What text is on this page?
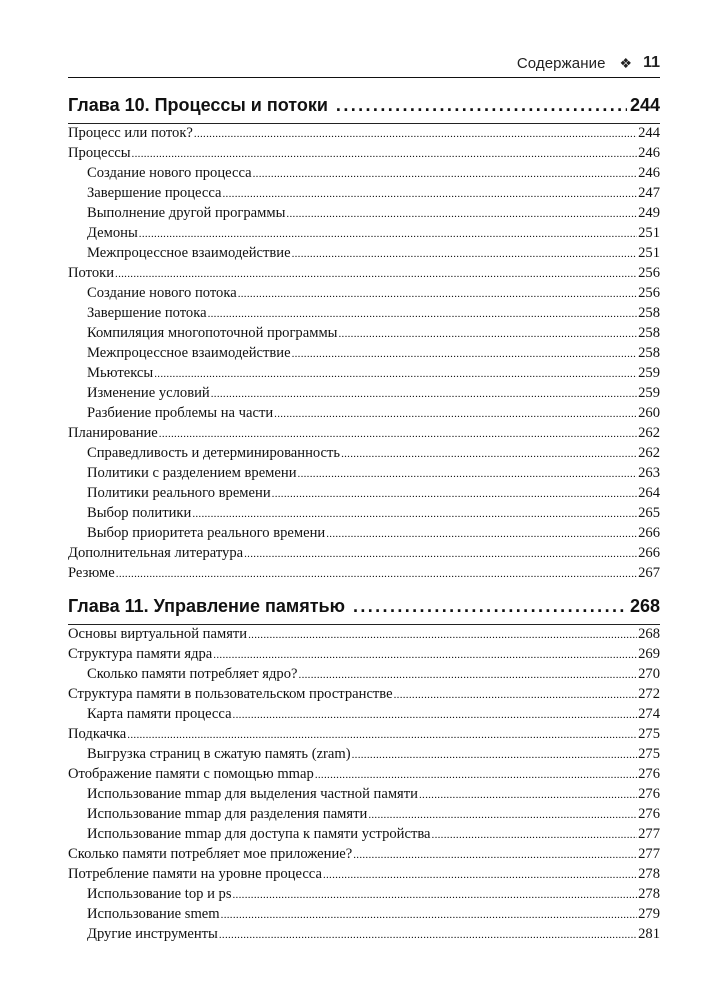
Содержание ❖ 11
Глава 10. Процессы и потоки .....	244
Процесс или поток? .....	244
Процессы .....	246
Создание нового процесса .....	246
Завершение процесса .....	247
Выполнение другой программы .....	249
Демоны .....	251
Межпроцессное взаимодействие .....	251
Потоки .....	256
Создание нового потока .....	256
Завершение потока .....	258
Компиляция многопоточной программы .....	258
Межпроцессное взаимодействие .....	258
Мьютексы .....	259
Изменение условий .....	259
Разбиение проблемы на части .....	260
Планирование .....	262
Справедливость и детерминированность .....	262
Политики с разделением времени .....	263
Политики реального времени .....	264
Выбор политики .....	265
Выбор приоритета реального времени .....	266
Дополнительная литература .....	266
Резюме .....	267
Глава 11. Управление памятью .....	268
Основы виртуальной памяти .....	268
Структура памяти ядра .....	269
Сколько памяти потребляет ядро? .....	270
Структура памяти в пользовательском пространстве .....	272
Карта памяти процесса .....	274
Подкачка .....	275
Выгрузка страниц в сжатую память (zram) .....	275
Отображение памяти с помощью mmap .....	276
Использование mmap для выделения частной памяти .....	276
Использование mmap для разделения памяти .....	276
Использование mmap для доступа к памяти устройства .....	277
Сколько памяти потребляет мое приложение? .....	277
Потребление памяти на уровне процесса .....	278
Использование top и ps .....	278
Использование smem .....	279
Другие инструменты .....	281
